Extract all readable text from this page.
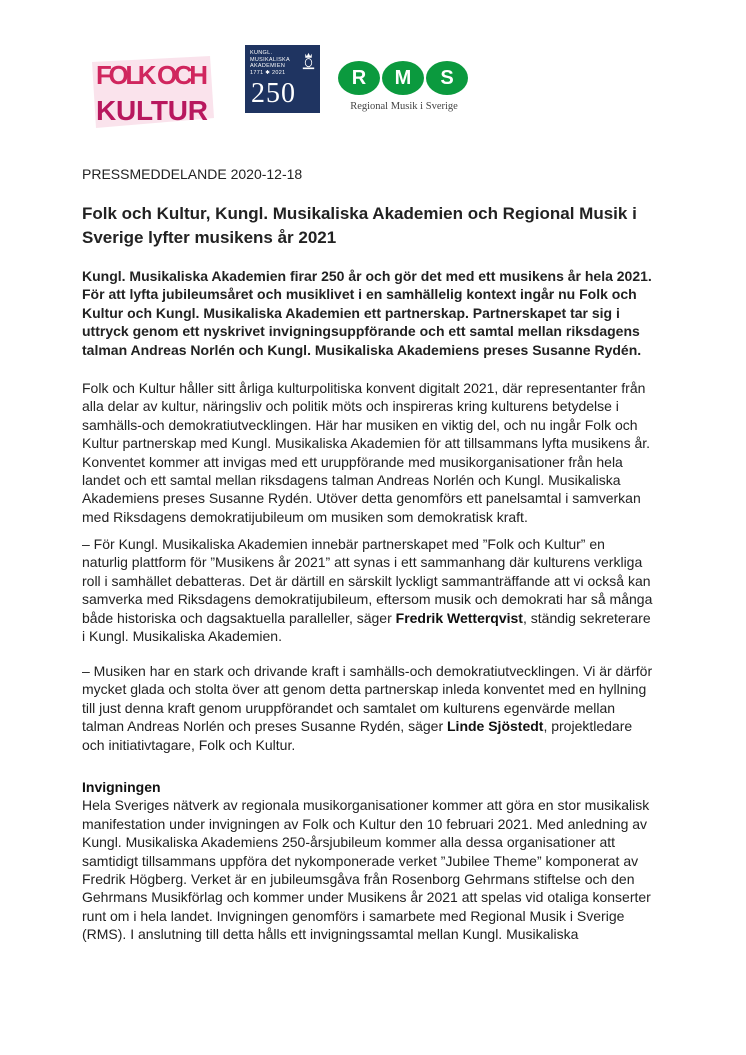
FOLK OCH
KULTUR
KUNGL.
MUSIKALISKA
AKADEMIEN
1771 ✱ 2021
250
R	M	S
Regional Musik i Sverige
PRESSMEDDELANDE 2020-12-18
Folk och Kultur, Kungl. Musikaliska Akademien och Regional Musik i Sverige lyfter musikens år 2021
Kungl. Musikaliska Akademien firar 250 år och gör det med ett musikens år hela 2021.
För att lyfta jubileumsåret och musiklivet i en samhällelig kontext ingår nu Folk och
Kultur och Kungl. Musikaliska Akademien ett partnerskap. Partnerskapet tar sig i
uttryck genom ett nyskrivet invigningsuppförande och ett samtal mellan riksdagens
talman Andreas Norlén och Kungl. Musikaliska Akademiens preses Susanne Rydén.
Folk och Kultur håller sitt årliga kulturpolitiska konvent digitalt 2021, där representanter från
alla delar av kultur, näringsliv och politik möts och inspireras kring kulturens betydelse i
samhälls-och demokratiutvecklingen. Här har musiken en viktig del, och nu ingår Folk och
Kultur partnerskap med Kungl. Musikaliska Akademien för att tillsammans lyfta musikens år.
Konventet kommer att invigas med ett uruppförande med musikorganisationer från hela
landet och ett samtal mellan riksdagens talman Andreas Norlén och Kungl. Musikaliska
Akademiens preses Susanne Rydén. Utöver detta genomförs ett panelsamtal i samverkan
med Riksdagens demokratijubileum om musiken som demokratisk kraft.
– För Kungl. Musikaliska Akademien innebär partnerskapet med ”Folk och Kultur” en
naturlig plattform för ”Musikens år 2021” att synas i ett sammanhang där kulturens verkliga
roll i samhället debatteras. Det är därtill en särskilt lyckligt sammanträffande att vi också kan
samverka med Riksdagens demokratijubileum, eftersom musik och demokrati har så många
både historiska och dagsaktuella paralleller, säger Fredrik Wetterqvist, ständig sekreterare
i Kungl. Musikaliska Akademien.
– Musiken har en stark och drivande kraft i samhälls-och demokratiutvecklingen. Vi är därför
mycket glada och stolta över att genom detta partnerskap inleda konventet med en hyllning
till just denna kraft genom uruppförandet och samtalet om kulturens egenvärde mellan
talman Andreas Norlén och preses Susanne Rydén, säger Linde Sjöstedt, projektledare
och initiativtagare, Folk och Kultur.
Invigningen
Hela Sveriges nätverk av regionala musikorganisationer kommer att göra en stor musikalisk
manifestation under invigningen av Folk och Kultur den 10 februari 2021. Med anledning av
Kungl. Musikaliska Akademiens 250-årsjubileum kommer alla dessa organisationer att
samtidigt tillsammans uppföra det nykomponerade verket ”Jubilee Theme” komponerat av
Fredrik Högberg. Verket är en jubileumsgåva från Rosenborg Gehrmans stiftelse och den
Gehrmans Musikförlag och kommer under Musikens år 2021 att spelas vid otaliga konserter
runt om i hela landet. Invigningen genomförs i samarbete med Regional Musik i Sverige
(RMS). I anslutning till detta hålls ett invigningssamtal mellan Kungl. Musikaliska
